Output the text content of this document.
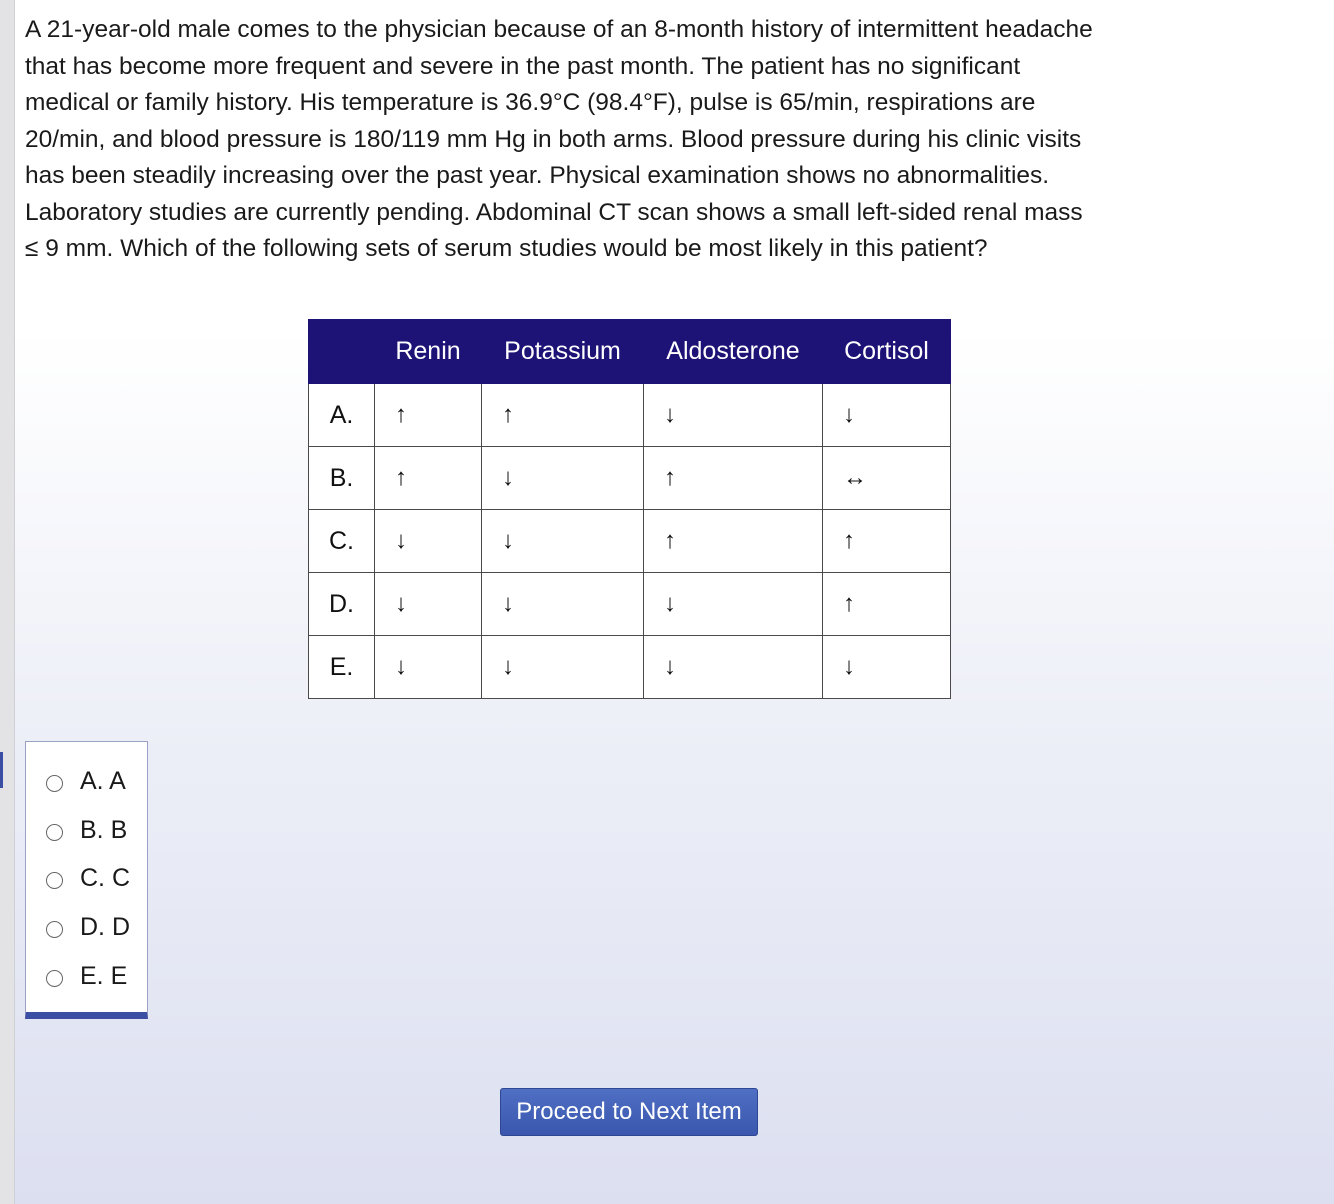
A 21-year-old male comes to the physician because of an 8-month history of intermittent headache that has become more frequent and severe in the past month. The patient has no significant medical or family history. His temperature is 36.9°C (98.4°F), pulse is 65/min, respirations are 20/min, and blood pressure is 180/119 mm Hg in both arms. Blood pressure during his clinic visits has been steadily increasing over the past year. Physical examination shows no abnormalities. Laboratory studies are currently pending. Abdominal CT scan shows a small left-sided renal mass ≤ 9 mm. Which of the following sets of serum studies would be most likely in this patient?

	Renin	Potassium	Aldosterone	Cortisol
A.	↑	↑	↓	↓
B.	↑	↓	↑	↔
C.	↓	↓	↑	↑
D.	↓	↓	↓	↑
E.	↓	↓	↓	↓
A. A
B. B
C. C
D. D
E. E
Proceed to Next Item
